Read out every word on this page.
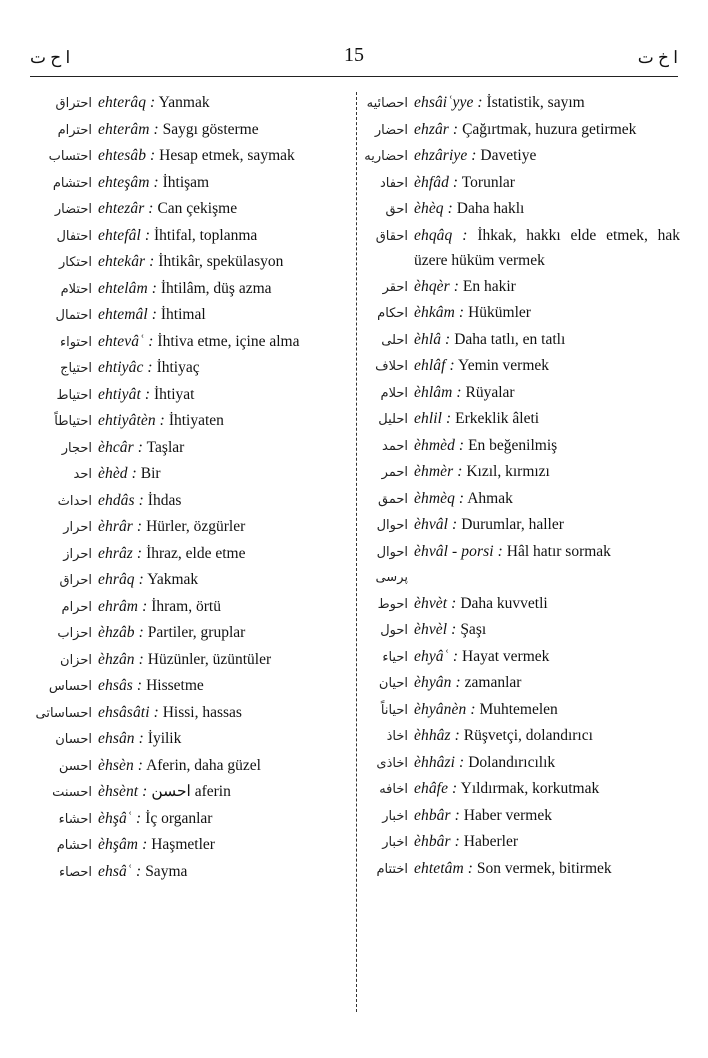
ا ح ت	15	ا خ ت
احتراق ehterâq : Yanmak
احترام ehterâm : Saygı gösterme
احتساب ehtesâb : Hesap etmek, saymak
احتشام ehteşâm : İhtişam
احتضار ehtezâr : Can çekişme
احتفال ehtefâl : İhtifal, toplanma
احتكار ehtekâr : İhtikâr, spekülasyon
احتلام ehtelâm : İhtilâm, düş azma
احتمال ehtemâl : İhtimal
احتواء ehtevâʿ : İhtiva etme, içine alma
احتياج ehtiyâc : İhtiyaç
احتياط ehtiyât : İhtiyat
احتياطاً ehtiyâtèn : İhtiyaten
احجار èhcâr : Taşlar
احد èhèd : Bir
احداث ehdâs : İhdas
احرار èhrâr : Hürler, özgürler
احراز ehrâz : İhraz, elde etme
احراق ehrâq : Yakmak
احرام ehrâm : İhram, örtü
احزاب èhzâb : Partiler, gruplar
احزان èhzân : Hüzünler, üzüntüler
احساس ehsâs : Hissetme
احساساتى ehsâsâti : Hissi, hassas
احسان ehsân : İyilik
احسن èhsèn : Aferin, daha güzel
احسنت èhsènt : احسن aferin
احشاء èhşâʿ : İç organlar
احشام èhşâm : Haşmetler
احصاء ehsâʿ : Sayma
احصائيه ehsâiʿyye : İstatistik, sayım
احضار ehzâr : Çağırtmak, huzura getirmek
احضاريه ehzâriye : Davetiye
احفاد èhfâd : Torunlar
احق èhèq : Daha haklı
احقاق ehqâq : İhkak, hakkı elde etmek, hak üzere hüküm vermek
احقر èhqèr : En hakir
احكام èhkâm : Hükümler
احلى èhlâ : Daha tatlı, en tatlı
احلاف ehlâf : Yemin vermek
احلام èhlâm : Rüyalar
احليل ehlil : Erkeklik âleti
احمد èhmèd : En beğenilmiş
احمر èhmèr : Kızıl, kırmızı
احمق èhmèq : Ahmak
احوال èhvâl : Durumlar, haller
احوال پرسى
èhvâl - porsi : Hâl hatır sormak
احوط èhvèt : Daha kuvvetli
احول èhvèl : Şaşı
احياء ehyâʿ : Hayat vermek
احيان èhyân : zamanlar
احياناً èhyânèn : Muhtemelen
اخاذ èhhâz : Rüşvetçi, dolandırıcı
اخاذى èhhâzi : Dolandırıcılık
اخافه ehâfe : Yıldırmak, korkutmak
اخبار ehbâr : Haber vermek
اخبار èhbâr : Haberler
اختتام ehtetâm : Son vermek, bitirmek
